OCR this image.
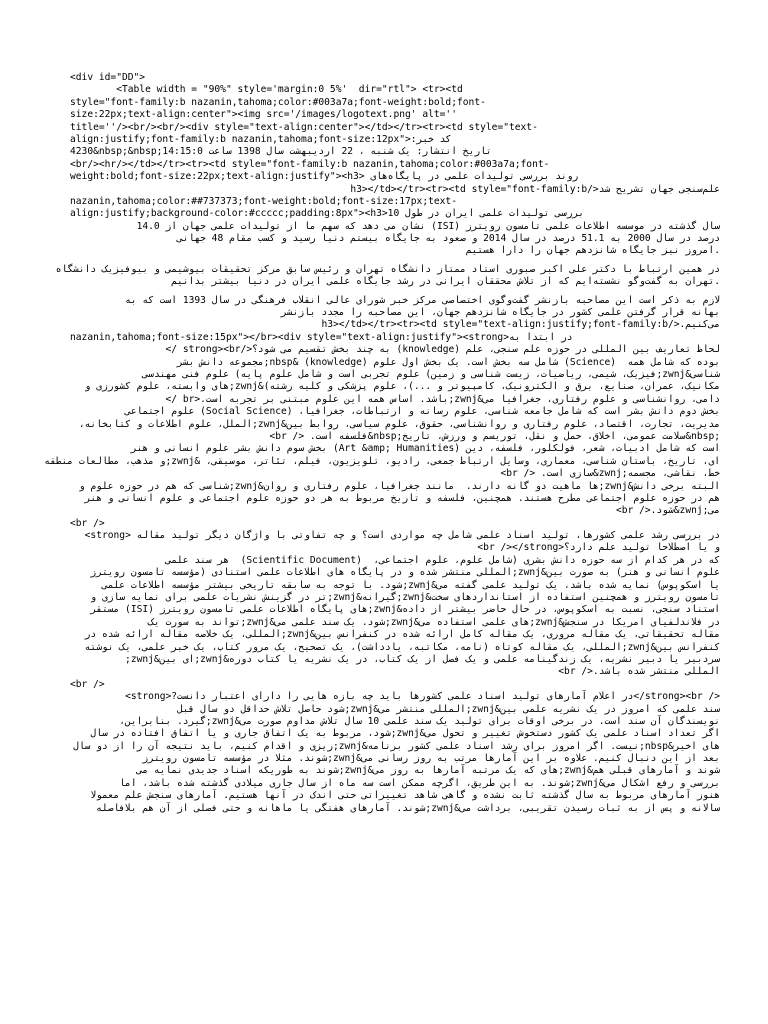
<div id="DD">
<Table width = "90%" style='margin:0 5%'  dir="rtl"> <tr><td
style="font-family:b nazanin,tahoma;color:#003a7a;font-weight:bold;font-
size:22px;text-align:center"><img src='/images/logotext.png' alt=''
title=''/><br/><br/><div style="text-align:center"></td></tr><tr><td style="text-
align:justify;font-family:b nazanin,tahoma;font-size:12px">:کد خبر
4230&nbsp;&nbsp;14:15:0 تاریخ انتشار: یک شنبه ، 22 اردیبهشت سال 1398 ساعت
<br/><hr/></td></tr><tr><td style="font-family:b nazanin,tahoma;color:#003a7a;font-
weight:bold;font-size:22px;text-align:justify"><h3> روند بررسی تولیدات علمی در پایگاه‌های
علم‌سنجی جهان تشریح شد</h3></td></tr><tr><td style="font-family:b
nazanin,tahoma;color:##737373;font-weight:bold;font-size:17px;text-
align:justify;background-color:#ccccc;padding:8px"><h3>10 بررسی تولیدات علمی ایران در طول
سال گذشته در موسسه اطلاعات علمی تامسون رویترز (ISI) نشان می دهد که سهم ما از تولیدات علمی جهان از 14.0
درصد در سال 2000 به 51.1 درصد در سال 2014 و صعود به جایگاه بیستم دنیا رسید و کسب مقام 48 جهانی
.امروز نیز جایگاه شانزدهم جهان را دارا هستیم
در همین ارتباط با دکتر علی اکبر صبوری استاد ممتاز دانشگاه تهران و رئیس سابق مرکز تحقیقات بیوشیمی و بیوفیزیک دانشگاه
.تهران به گفت‌وگو نشسته‌ایم که از تلاش محققان ایرانی در رشد جایگاه علمی ایران در دنیا بیشتر بدانیم
لازم به ذکر است این مصاحبه بازنشر گفت‌وگوی اختصاصی مرکز خبر شورای عالی انقلاب فرهنگی در سال 1393 است که به
بهانه قرار گرفتن علمی کشور در جایگاه شانزدهم جهان، این مصاحبه را مجدد بازنشر
می‌کنیم.</h3></td></tr><tr><td style="text-align:justify;font-family:b
nazanin,tahoma;font-size:15px"></br><div style="text-align:justify"><strong>در ابتدا به
لحاظ تعاریف بین المللی در حوزه علم سنجی، علم (knowledge) به چند بخش تقسیم می شود؟</strong><br />
بوده که شامل همه  (Science) شامل سه بخش است. یک بخش اول علوم (knowledge) &nbsp;مجموعه دانش بشر
شناسی&zwnj;فیزیک، شیمی، ریاضیات، زیست شناسی و زمین) علوم تجربی است و شامل علوم پایه) علوم فنی مهندسی
مکانیک، عمران، صنایع، برق و الکترونیک، کامپیوتر و ...)، علوم پزشکی و کلیه رشته)&zwnj;های وابسته، علوم کشورزی و
دامی، روانشناسی و علوم رفتاری، جغرافیا می&zwnj;باشد. اساس همه این علوم مبتنی بر تجربه است.<br />
بخش دوم دانش بشر است که شامل جامعه شناسی، علوم رسانه و ارتباطات، جغرافیا، (Social Science) علوم اجتماعی
مدیریت، تجارت، اقتصاد، علوم رفتاری و روانشناسی، حقوق، علوم سیاسی، روابط بین&zwnj;الملل، علوم اطلاعات و کتابخانه،
<br /> .فلسفه است&nbsp;سلامت عمومی، اخلاق، حمل و نقل، توریسم و ورزش، تاریخ&nbsp;
است که شامل ادبیات، شعر، فولکلور، فلسفه، دین (Art &amp; Humanities) بخش سوم دانش بشر علوم انسانی و هنر
ای، تاریخ، باستان شناسی، معماری، وسایل ارتباط جمعی، رادیو، تلویزیون، فیلم، تئاتر، موسیقی، &zwnj;و مذهب، مطالعات منطقه
<br /> .سازی است&zwnj;خط، نقاشی، مجسمه
البته برخی دانش&zwnj;ها ماهیت دو گانه دارند.  مانند جغرافیا، علوم رفتاری و روان&zwnj;شناسی که هم در حوزه علوم و
هم در حوزه علوم اجتماعی مطرح هستند. همچنین، فلسفه و تاریخ مربوط به هر دو حوزه علوم اجتماعی و علوم انسانی و هنر
<br />.شود&zwnj;می
<br />
در بررسی رشد علمی کشورها، تولید اسناد علمی شامل چه مواردی است؟ و چه تفاوتی با واژگان دیگر تولید مقاله <strong>
<br /></strong>و یا اصطلاحا تولید علم دارد؟
که در هر کدام از سه حوزه دانش بشری (شامل علوم، علوم اجتماعی،  (Scientific Document)  هر سند علمی
علوم انسانی و هنر) به صورت بین&zwnj;المللی منتشر شده و در پایگاه های اطلاعات علمی استنادی (مؤسسه تامسون رویترز
یا اسکوپوس) نمایه شده باشد، یک تولید علمی گفته می&zwnj;شود. با توجه به سابقه تاریخی بیشتر مؤسسه اطلاعات علمی
تامسون رویترز و همچنین استفاده از استانداردهای سخت&zwnj;گیرانه&zwnj;تر در گزینش نشریات علمی برای نمایه سازی و
استناد سنجی، نسبت به اسکوپوس، در حال حاضر بیشتر از داده&zwnj;های پایگاه اطلاعات علمی تامسون رویترز (ISI) مستقر
در فلاندلفیای امریکا در سنجش&zwnj;های علمی استفاده می&zwnj;شود. یک سند علمی می&zwnj;تواند به سورت یک
مقاله تحقیقاتی، یک مقاله مروری، یک مقاله کامل ارائه شده در کنفرانس بین&zwnj;المللی، یک خلاصه مقاله ارائه شده در
کنفرانس بین&zwnj;المللی، یک مقاله کوتاه (نامه، مکاتبه، یادداشت)، یک تصحیح، یک مرور کتاب، یک خبر علمی، یک نوشته
سردبیر یا دبیر نشریه، یک زندگینامه علمی و یک فصل از یک کتاب، در یک نشریه یا کتاب دوره&zwnj;ای بین&zwnj;
<br />.المللی منتشر شده باشد
<br />
<strong>?در اعلام آمارهای تولید اسناد علمی کشورها باید چه بازه هایی را دارای اعتبار دانست</strong><br />
سند علمی که امروز در یک نشریه علمی بین&zwnj;المللی منتشر می&zwnj;شود حاصل تلاش حداقل دو سال قبل
نویسندگان آن سند است. در برخی اوقات برای تولید یک سند علمی 10 سال تلاش مداوم صورت می&zwnj;گیرد. بنابراین،
اگر تعداد اسناد علمی یک کشور دستخوش تغییر و تحول می&zwnj;شود، مربوط به یک اتفاق جاری و یا اتفاق افتاده در سال
های اخیر&nbsp;نیست. اگر امروز برای رشد اسناد علمی کشور برنامه&zwnj;ریزی و اقدام کنیم، باید نتیجه آن را از دو سال
بعد از این دنبال کنیم. علاوه بر این آمارها مرتب به روز رسانی می&zwnj;شوند. مثلا در مؤسسه تامسون رویترز
شوند و آمارهای قبلی هم&zwnj;های که یک مرتبه آمارها به روز می&zwnj;شوند به طوریکه اسناد جدیدی نمایه می
بررسی و رفع اشکال می&zwnj;شوند. به این طریق، اگرچه ممکن است سه ماه از سال جاری میلادی گذشته شده باشد، اما
هنوز آمارهای مربوط به سال گذشته ثابت نشده و گاهی شاهد تغییراتی حتی اندک در آنها هستیم. آمارهای سنجش علم معمولا
سالانه و پس از به ثبات رسیدن تقریبی، برداشت می&zwnj;شوند. آمارهای هفتگی یا ماهانه و حتی فصلی از آن هم بلافاصله
